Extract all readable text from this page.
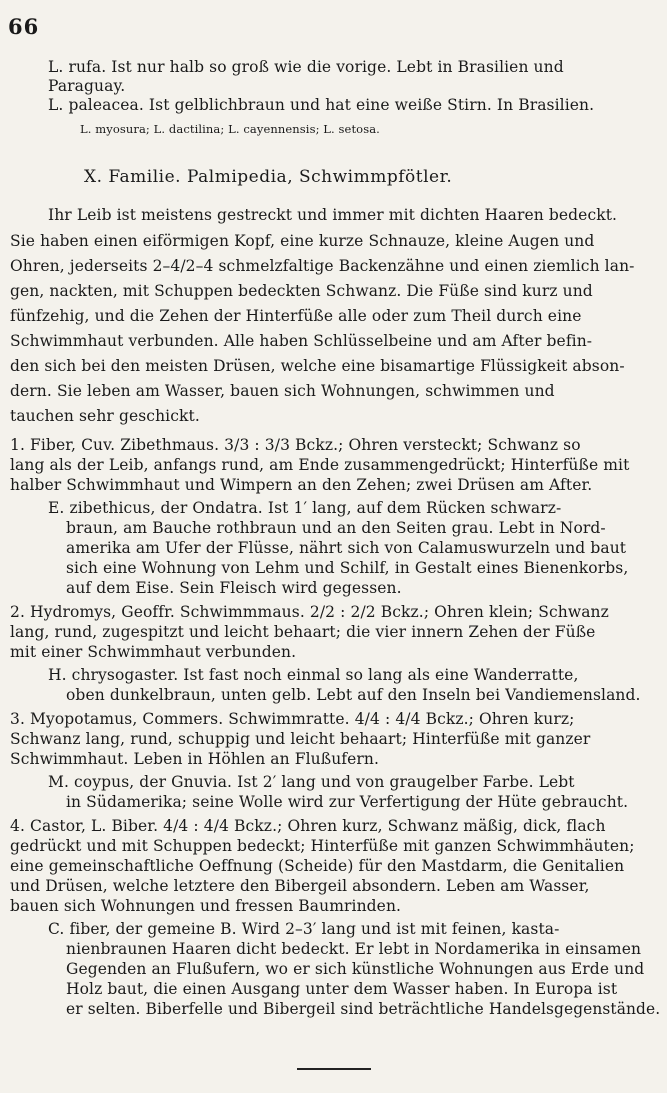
66
L. rufa. Ist nur halb so groß wie die vorige. Lebt in Brasilien und
Paraguay.
L. paleacea. Ist gelblichbraun und hat eine weiße Stirn. In Brasilien.
L. myosura; L. dactilina; L. cayennensis; L. setosa.
X. Familie. Palmipedia, Schwimmpfötler.
Ihr Leib ist meistens gestreckt und immer mit dichten Haaren bedeckt.
Sie haben einen eiförmigen Kopf, eine kurze Schnauze, kleine Augen und
Ohren, jederseits 2–4/2–4 schmelzfaltige Backenzähne und einen ziemlich lan-
gen, nackten, mit Schuppen bedeckten Schwanz. Die Füße sind kurz und
fünfzehig, und die Zehen der Hinterfüße alle oder zum Theil durch eine
Schwimmhaut verbunden. Alle haben Schlüsselbeine und am After befin-
den sich bei den meisten Drüsen, welche eine bisamartige Flüssigkeit abson-
dern. Sie leben am Wasser, bauen sich Wohnungen, schwimmen und
tauchen sehr geschickt.
1. Fiber, Cuv. Zibethmaus. 3/3 : 3/3 Bckz.; Ohren versteckt; Schwanz so
lang als der Leib, anfangs rund, am Ende zusammengedrückt; Hinterfüße mit
halber Schwimmhaut und Wimpern an den Zehen; zwei Drüsen am After.
E. zibethicus, der Ondatra. Ist 1′ lang, auf dem Rücken schwarz-
braun, am Bauche rothbraun und an den Seiten grau. Lebt in Nord-
amerika am Ufer der Flüsse, nährt sich von Calamuswurzeln und baut
sich eine Wohnung von Lehm und Schilf, in Gestalt eines Bienenkorbs,
auf dem Eise. Sein Fleisch wird gegessen.
2. Hydromys, Geoffr. Schwimmmaus. 2/2 : 2/2 Bckz.; Ohren klein; Schwanz
lang, rund, zugespitzt und leicht behaart; die vier innern Zehen der Füße
mit einer Schwimmhaut verbunden.
H. chrysogaster. Ist fast noch einmal so lang als eine Wanderratte,
oben dunkelbraun, unten gelb. Lebt auf den Inseln bei Vandiemensland.
3. Myopotamus, Commers. Schwimmratte. 4/4 : 4/4 Bckz.; Ohren kurz;
Schwanz lang, rund, schuppig und leicht behaart; Hinterfüße mit ganzer
Schwimmhaut. Leben in Höhlen an Flußufern.
M. coypus, der Gnuvia. Ist 2′ lang und von graugelber Farbe. Lebt
in Südamerika; seine Wolle wird zur Verfertigung der Hüte gebraucht.
4. Castor, L. Biber. 4/4 : 4/4 Bckz.; Ohren kurz, Schwanz mäßig, dick, flach
gedrückt und mit Schuppen bedeckt; Hinterfüße mit ganzen Schwimmhäuten;
eine gemeinschaftliche Oeffnung (Scheide) für den Mastdarm, die Genitalien
und Drüsen, welche letztere den Bibergeil absondern. Leben am Wasser,
bauen sich Wohnungen und fressen Baumrinden.
C. fiber, der gemeine B. Wird 2–3′ lang und ist mit feinen, kasta-
nienbraunen Haaren dicht bedeckt. Er lebt in Nordamerika in einsamen
Gegenden an Flußufern, wo er sich künstliche Wohnungen aus Erde und
Holz baut, die einen Ausgang unter dem Wasser haben. In Europa ist
er selten. Biberfelle und Bibergeil sind beträchtliche Handelsgegenstände.
